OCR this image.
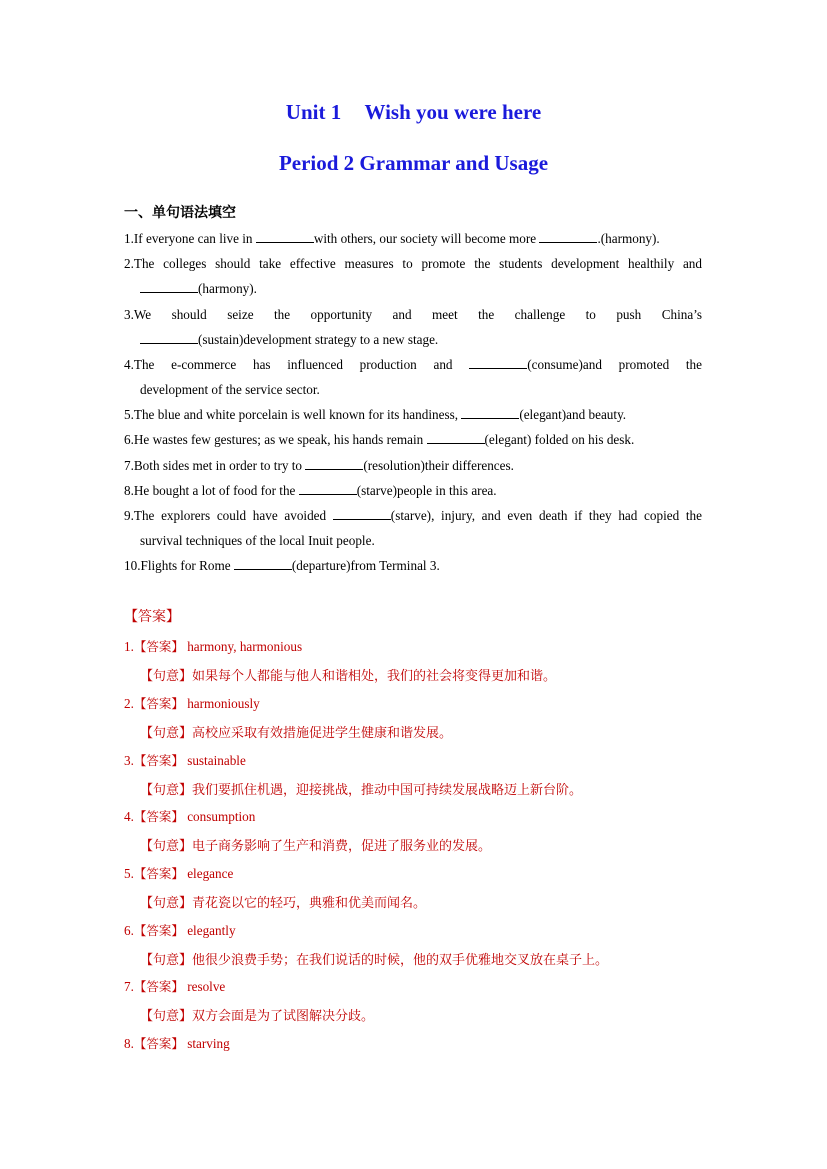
Unit 1 Wish you were here
Period 2 Grammar and Usage
一、单句语法填空
1.If everyone can live in	with others, our society will become more	.(harmony).
2.The colleges should take effective measures to promote the students development healthily and
(harmony).
3.We should seize the opportunity and meet the challenge to push China’s
(sustain)development strategy to a new stage.
4.The e-commerce has influenced production and	(consume)and promoted the
development of the service sector.
5.The blue and white porcelain is well known for its handiness,	(elegant)and beauty.
6.He wastes few gestures; as we speak, his hands remain	(elegant) folded on his desk.
7.Both sides met in order to try to	(resolution)their differences.
8.He bought a lot of food for the	(starve)people in this area.
9.The explorers could have avoided	(starve), injury, and even death if they had copied the
survival techniques of the local Inuit people.
10.Flights for Rome	(departure)from Terminal 3.
【答案】
1.【答案】 harmony, harmonious
【句意】如果每个人都能与他人和谐相处，我们的社会将变得更加和谐。
2.【答案】 harmoniously
【句意】高校应采取有效措施促进学生健康和谐发展。
3.【答案】 sustainable
【句意】我们要抓住机遇，迎接挑战，推动中国可持续发展战略迈上新台阶。
4.【答案】 consumption
【句意】电子商务影响了生产和消费，促进了服务业的发展。
5.【答案】 elegance
【句意】青花瓷以它的轻巧，典雅和优美而闻名。
6.【答案】 elegantly
【句意】他很少浪费手势；在我们说话的时候，他的双手优雅地交叉放在桌子上。
7.【答案】 resolve
【句意】双方会面是为了试图解决分歧。
8.【答案】 starving
